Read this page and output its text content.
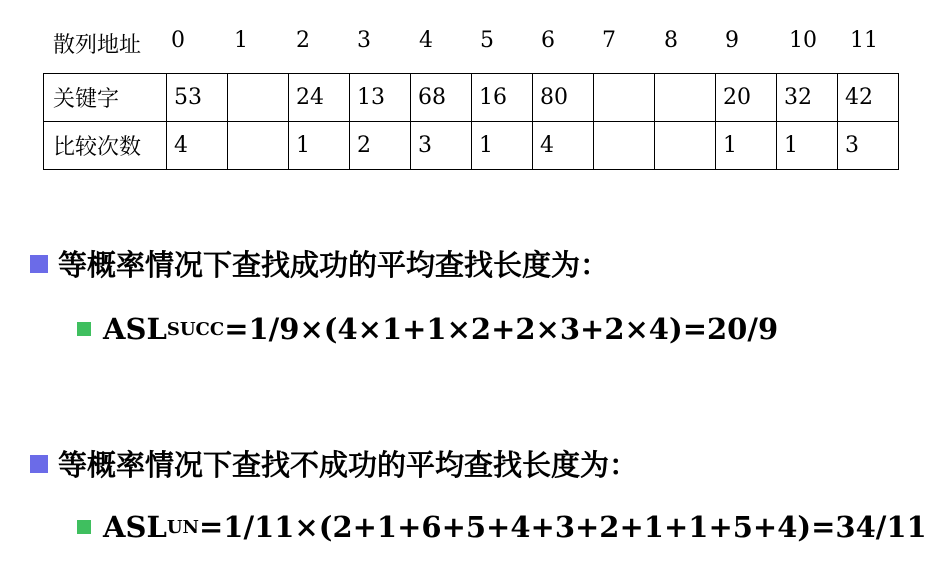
散列地址 0 1 2 3 4 5 6 7 8 9 10 11
关键字	53		24	13	68	16	80			20	32	42
比较次数	4		1	2	3	1	4			1	1	3
等概率情况下查找成功的平均查找长度为：
ASL SUCC =1/9×(4×1+1×2+2×3+2×4)=20/9
等概率情况下查找不成功的平均查找长度为：
ASL UN =1/11×(2+1+6+5+4+3+2+1+1+5+4)=34/11
